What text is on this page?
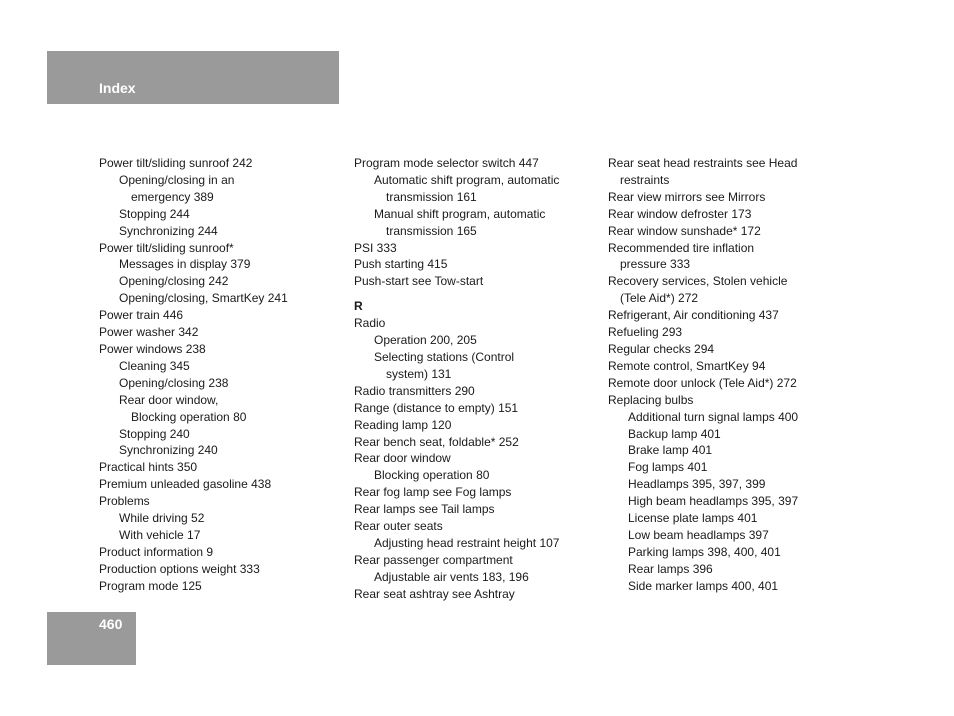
Index
Power tilt/sliding sunroof 242
Opening/closing in an
emergency 389
Stopping 244
Synchronizing 244
Power tilt/sliding sunroof*
Messages in display 379
Opening/closing 242
Opening/closing, SmartKey 241
Power train 446
Power washer 342
Power windows 238
Cleaning 345
Opening/closing 238
Rear door window,
Blocking operation 80
Stopping 240
Synchronizing 240
Practical hints 350
Premium unleaded gasoline 438
Problems
While driving 52
With vehicle 17
Product information 9
Production options weight 333
Program mode 125
Program mode selector switch 447
Automatic shift program, automatic
transmission 161
Manual shift program, automatic
transmission 165
PSI 333
Push starting 415
Push-start see Tow-start
R
Radio
Operation 200, 205
Selecting stations (Control
system) 131
Radio transmitters 290
Range (distance to empty) 151
Reading lamp 120
Rear bench seat, foldable* 252
Rear door window
Blocking operation 80
Rear fog lamp see Fog lamps
Rear lamps see Tail lamps
Rear outer seats
Adjusting head restraint height 107
Rear passenger compartment
Adjustable air vents 183, 196
Rear seat ashtray see Ashtray
Rear seat head restraints see Head
restraints
Rear view mirrors see Mirrors
Rear window defroster 173
Rear window sunshade* 172
Recommended tire inflation
pressure 333
Recovery services, Stolen vehicle
(Tele Aid*) 272
Refrigerant, Air conditioning 437
Refueling 293
Regular checks 294
Remote control, SmartKey 94
Remote door unlock (Tele Aid*) 272
Replacing bulbs
Additional turn signal lamps 400
Backup lamp 401
Brake lamp 401
Fog lamps 401
Headlamps 395, 397, 399
High beam headlamps 395, 397
License plate lamps 401
Low beam headlamps 397
Parking lamps 398, 400, 401
Rear lamps 396
Side marker lamps 400, 401
460
